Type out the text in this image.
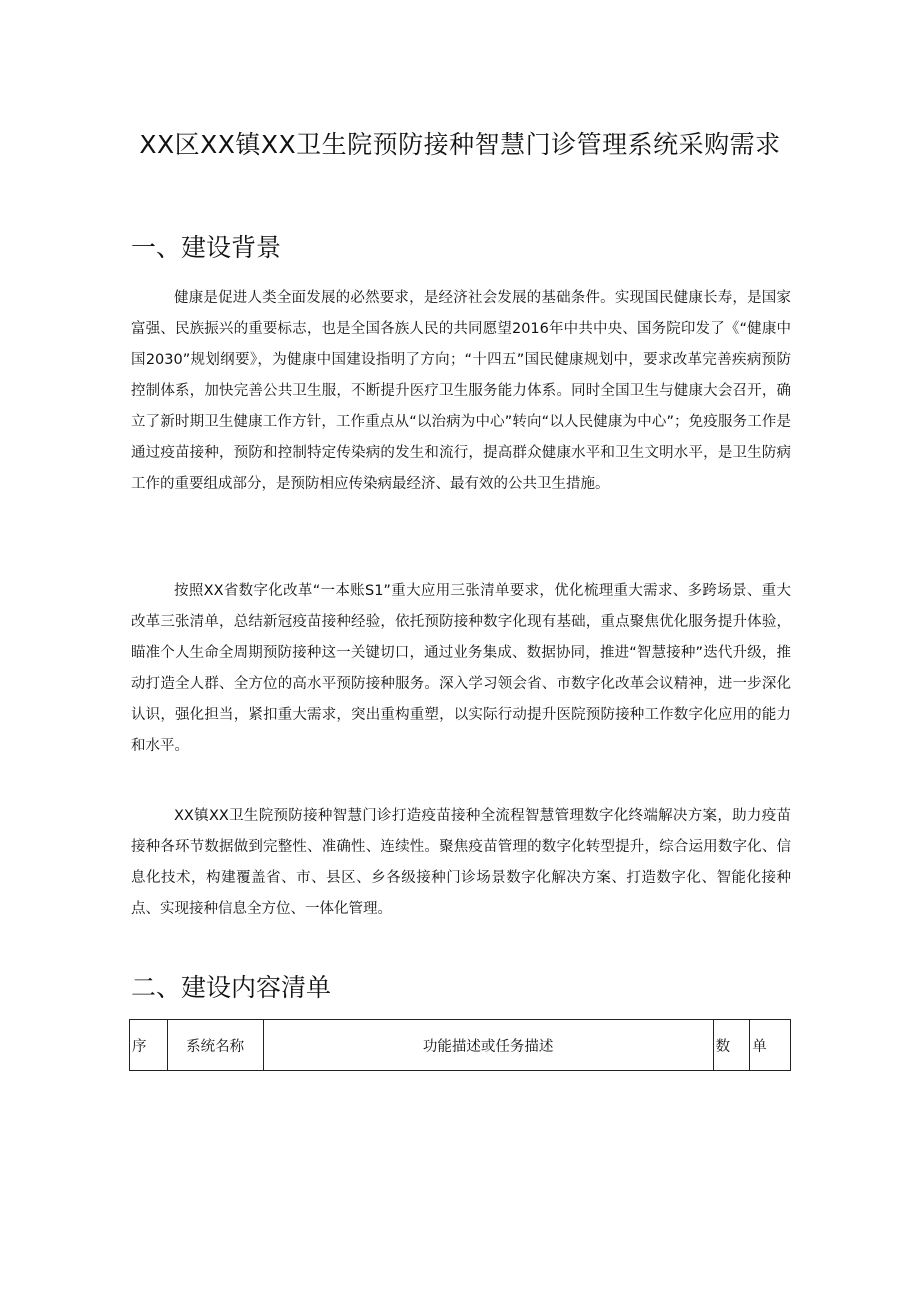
XX区XX镇XX卫生院预防接种智慧门诊管理系统采购需求
一、建设背景

健康是促进人类全面发展的必然要求，是经济社会发展的基础条件。实现国民健康长寿，是国家富强、民族振兴的重要标志，也是全国各族人民的共同愿望2016年中共中央、国务院印发了《“健康中国2030”规划纲要》，为健康中国建设指明了方向；“十四五”国民健康规划中，要求改革完善疾病预防控制体系，加快完善公共卫生服，不断提升医疗卫生服务能力体系。同时全国卫生与健康大会召开，确立了新时期卫生健康工作方针，工作重点从“以治病为中心”转向“以人民健康为中心”；免疫服务工作是通过疫苗接种，预防和控制特定传染病的发生和流行，提高群众健康水平和卫生文明水平，是卫生防病工作的重要组成部分，是预防相应传染病最经济、最有效的公共卫生措施。

按照XX省数字化改革“一本账S1”重大应用三张清单要求，优化梳理重大需求、多跨场景、重大改革三张清单，总结新冠疫苗接种经验，依托预防接种数字化现有基础，重点聚焦优化服务提升体验，瞄准个人生命全周期预防接种这一关键切口，通过业务集成、数据协同，推进“智慧接种”迭代升级，推动打造全人群、全方位的高水平预防接种服务。深入学习领会省、市数字化改革会议精神，进一步深化认识，强化担当，紧扣重大需求，突出重构重塑，以实际行动提升医院预防接种工作数字化应用的能力和水平。

XX镇XX卫生院预防接种智慧门诊打造疫苗接种全流程智慧管理数字化终端解决方案，助力疫苗接种各环节数据做到完整性、准确性、连续性。聚焦疫苗管理的数字化转型提升，综合运用数字化、信息化技术，构建覆盖省、市、县区、乡各级接种门诊场景数字化解决方案、打造数字化、智能化接种点、实现接种信息全方位、一体化管理。

二、建设内容清单
序	系统名称	功能描述或任务描述	数	单
